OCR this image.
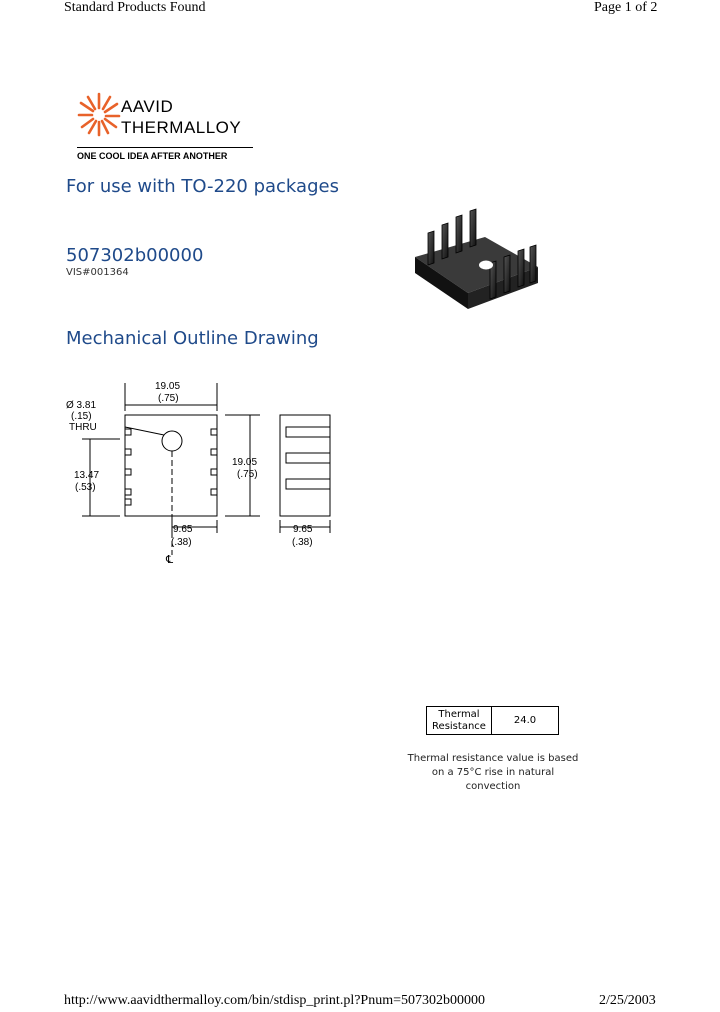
Standard Products Found	Page 1 of 2
AAVID
THERMALLOY
ONE COOL IDEA AFTER ANOTHER
For use with TO-220 packages
507302b00000
VIS#001364
Mechanical Outline Drawing
19.05
(.75)
Ø 3.81
(.15)
THRU
19.05
(.75)
13.47
(.53)
9.65
(.38)
℄
9.65
(.38)
Thermal
Resistance	24.0
Thermal resistance value is based
on a 75°C rise in natural
convection
http://www.aavidthermalloy.com/bin/stdisp_print.pl?Pnum=507302b00000	2/25/2003
